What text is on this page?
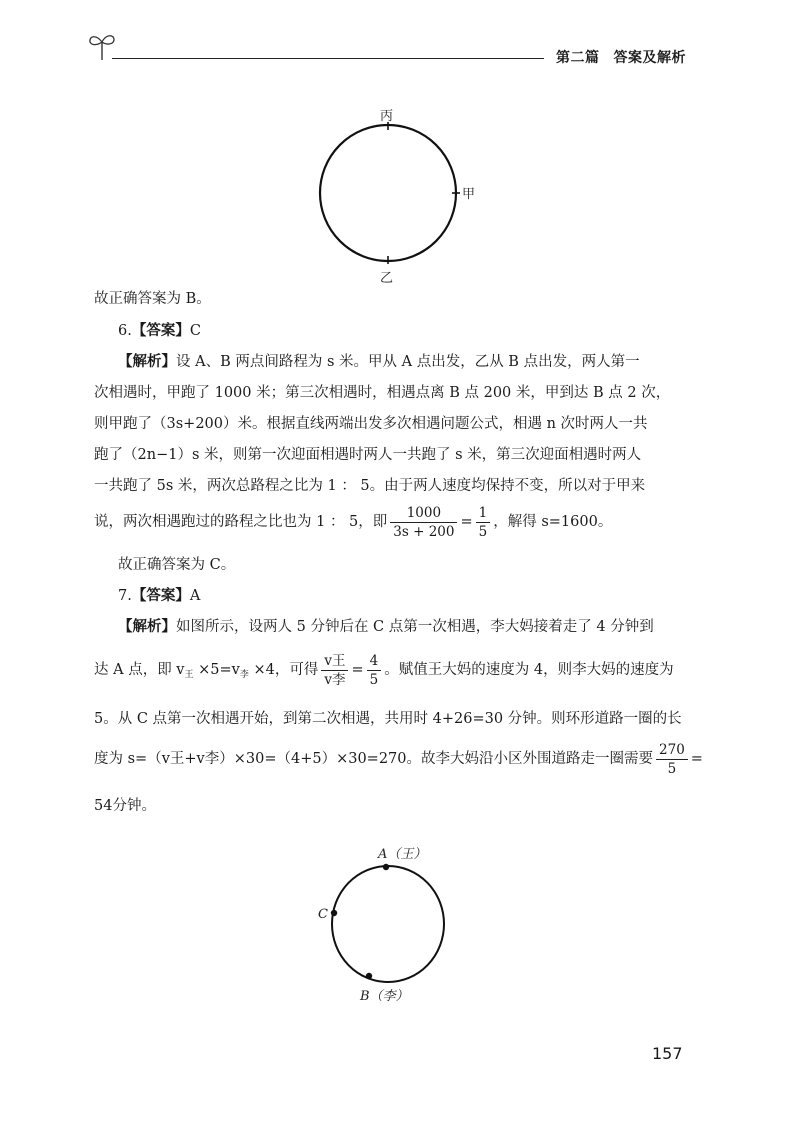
第二篇 答案及解析
丙
甲
乙
故正确答案为 B。
6.【答案】C
【解析】设 A、B 两点间路程为 s 米。甲从 A 点出发，乙从 B 点出发，两人第一
次相遇时，甲跑了 1000 米；第三次相遇时，相遇点离 B 点 200 米，甲到达 B 点 2 次，
则甲跑了（3s+200）米。根据直线两端出发多次相遇问题公式，相遇 n 次时两人一共
跑了（2n−1）s 米，则第一次迎面相遇时两人一共跑了 s 米，第三次迎面相遇时两人
一共跑了 5s 米，两次总路程之比为 1 ： 5。由于两人速度均保持不变，所以对于甲来
说，两次相遇跑过的路程之比也为 1 ： 5，即 $\frac{1000}{3s + 200} = \frac{1}{5}$ ，解得 s=1600。
故正确答案为 C。
7.【答案】A
【解析】如图所示，设两人 5 分钟后在 C 点第一次相遇，李大妈接着走了 4 分钟到
达 A 点，即 $v_王 \times 5=v_李 \times 4$，可得 $\frac{\text{v王}}{\text{v李}} = \frac{4}{5}$ 。赋值王大妈的速度为 4，则李大妈的速度为
5。从 C 点第一次相遇开始，到第二次相遇，共用时 4+26=30 分钟。则环形道路一圈的长
度为 s=（v王+v李）×30=（4+5）×30=270。故李大妈沿小区外围道路走一圈需要 $\frac{270}{5}$ =
54分钟。
A（王）
C
B（李）
157
